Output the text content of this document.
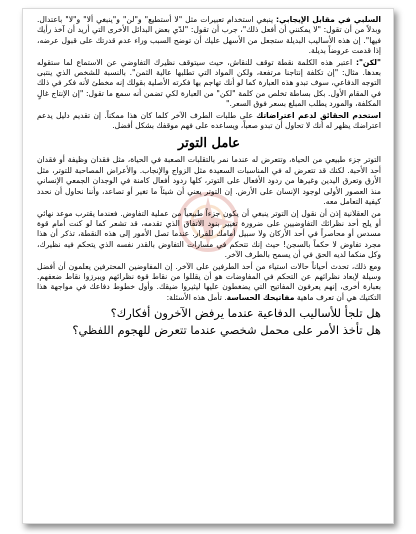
السلبي في مقابل الإيجابي: ينبغي استخدام تعبيرات مثل "لا أستطيع" و"لن" و"ينبغي ألا" و"لا" باعتدال. وبدلاً من أن تقول: "لا يمكنني أن أفعل ذلك"، جرب أن تقول: "لدّي بعض البدائل الأخرى التي أريد أن آخذ رأيك فيها". إن هذه الأساليب البديلة ستجعل من الأسهل عليك أن توضح السبب وراء عدم قدرتك على قبول عرضه، إذا قدمت عروضاً بديلة.

"لكن": اعتبر هذه الكلمة نقطة توقف للنقاش، حيث سيتوقف نظيرك التفاوضي عن الاستماع لما ستقوله بعدها. مثال: "إن تكلفة إنتاجنا مرتفعة، ولكن المواد التي تطلبها عالية الثمن". بالنسبة للشخص الذي ينتبى التوجه الدفاعي، سوف تبدو هذه العبارة كما لو أنك تهاجم بها فكرته الأصلية بقولك إنه مخطئ لأنه فكر في ذلك في المقام الأول. بكل بساطة تخلص من كلمة "لكن" من العبارة لكي تضمن أنه سمع ما تقول: "إن الإنتاج غالٍ المكلفة، والمورد يطلب المبلغ بسعر فوق السعر."

استخدم الحقائق لدعم اعتراضاتك على طلبات الطرف الآخر كلما كان هذا ممكناً. إن تقديم دليل يدعم اعتراضك يظهر له أنك لا تحاول أن تبدو صعباً، ويساعده على فهم موقفك بشكل أفضل.

عامل التوتر

التوتر جزء طبيعي من الحياة، وتتعرض له عندما نمر بالتقلبات الصعبة في الحياة، مثل فقدان وظيفة أو فقدان أحد الأحبة. لكنك قد تتعرض له في المناسبات السعيدة مثل الزواج والإنجاب. والأعراض المصاحبة للتوتر، مثل الأرق وتعرق اليدين وغيرها من ردود الأفعال على التوتر، كلها ردود أفعال كامنة في الوجدان الجمعي الإنساني منذ العصور الأولى لوجود الإنسان على الأرض. إن التوتر يعني أن شيئاً ما تغير أو تصاعد، وأننا نحاول أن نحدد كيفية التعامل معه.

من العقلانية إذن أن نقول إن التوتر ينبغي أن يكون جزءاً طبيعياً من عملية التفاوض. فعندما يقترب موعد نهائي أو يلح أحد نظرائك التفاوضيين على ضرورة تغيير بنود الاتفاق الذي تقدمه، قد تشعر كما لو كنت أمام قوة مسدس أو محاصراً في أحد الأركان ولا سبيل أمامك للفرار. عندما تصل الأمور إلى هذه النقطة، تذكر أن هذا مجرد تفاوض لا حكماً بالسجن! حيث إنك تتحكم في مسارات التفاوض بالقدر نفسه الذي يتحكم فيه نظيرك، وكل منكما لديه الحق في أن يسمح بالطرف الآخر.

ومع ذلك، تحدث أحياناً حالات استياء من أحد الطرفين على الآخر. إن المفاوضين المحترفين يعلمون أن أفضل وسيلة لإبعاد نظرائهم عن التحكم في المفاوضات هو أن يقللوا من نقاط قوة نظرائهم ويبرزوا نقاط ضعفهم. بعبارة أخرى، إنهم يعرفون المفاتيح التي يضغطون عليها ليثيروا ضيقك. وأول خطوط دفاعك في مواجهة هذا التكتيك هي أن تعرف ماهية مفاتيحك الحساسة. تأمل هذه الأسئلة:

هل تلجأ للأساليب الدفاعية عندما يرفض الآخرون أفكارك؟

هل تأخذ الأمر على محمل شخصي عندما تتعرض للهجوم اللفظي؟
